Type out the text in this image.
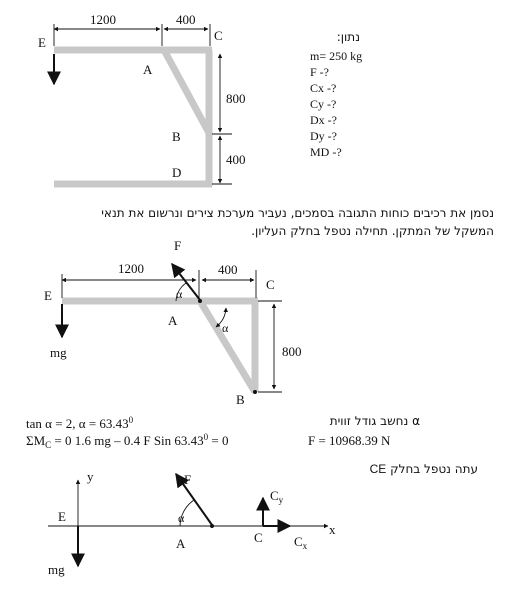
1200	400
800
400
E
A
B
C
D
m= 250 kg
F -?
Cx -?
Cy -?
Dx -?
Dy -?
MD -?
1200	400
800
F
E
A
B
C
mg
α
α
tan α = 2, $\alpha = 63.43^0$
$\Sigma M_C = 0$ 1.6 mg – 0.4 F Sin $63.43^0 = 0$	F = 10968.39 N
y
x
E
A	C
F
mg
α
$C_y$
$C_x$
נתון:
נסמן את רכיבים כוחות התגובה בסמכים, נעביר מערכת צירים ונרשום את תנאי
המשקל של המתקן. תחילה נטפל בחלק העליון.
α נחשב גודל זווית
עתה נטפל בחלק CE
